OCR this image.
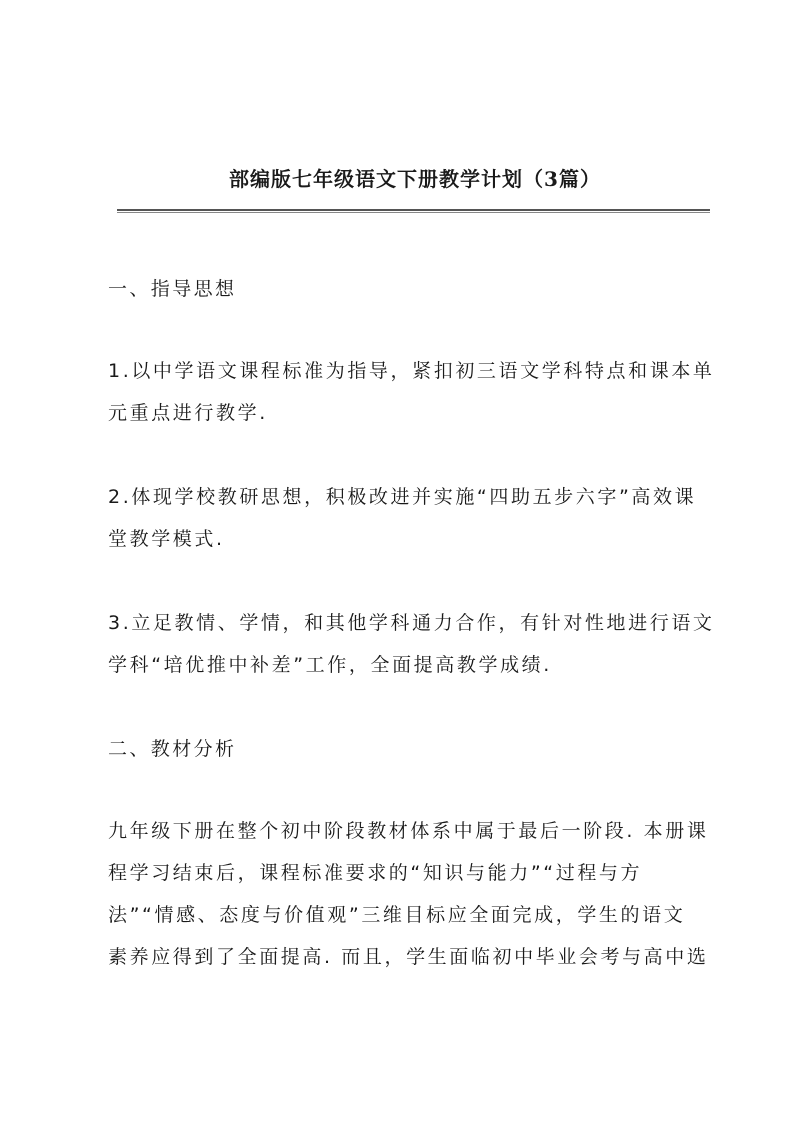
部编版七年级语文下册教学计划（3篇）
一、指导思想
1.以中学语文课程标准为指导，紧扣初三语文学科特点和课本单
元重点进行教学.
2.体现学校教研思想，积极改进并实施“四助五步六字”高效课
堂教学模式.
3.立足教情、学情，和其他学科通力合作，有针对性地进行语文
学科“培优推中补差”工作，全面提高教学成绩.
二、教材分析
九年级下册在整个初中阶段教材体系中属于最后一阶段. 本册课
程学习结束后，课程标准要求的“知识与能力”“过程与方
法”“情感、态度与价值观”三维目标应全面完成，学生的语文
素养应得到了全面提高. 而且，学生面临初中毕业会考与高中选
